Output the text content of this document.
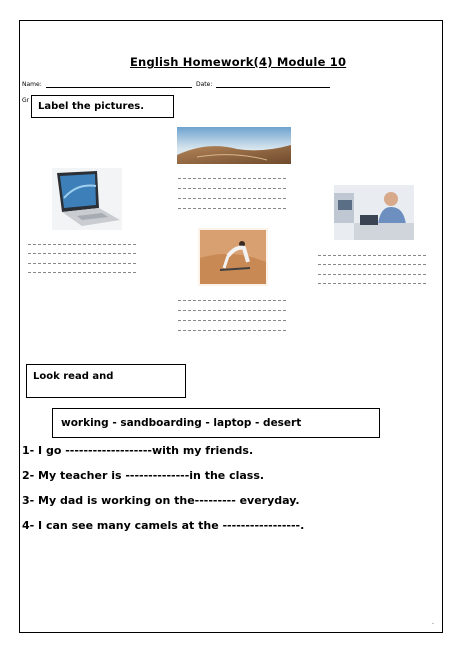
English Homework(4) Module 10
Name:	Date:
Gr
Label the pictures.
Look read and
working - sandboarding - laptop - desert
1- I go -------------------with my friends.
2- My teacher is --------------in the class.
3- My dad is working on the--------- everyday.
4- I can see many camels at the -----------------.
.
